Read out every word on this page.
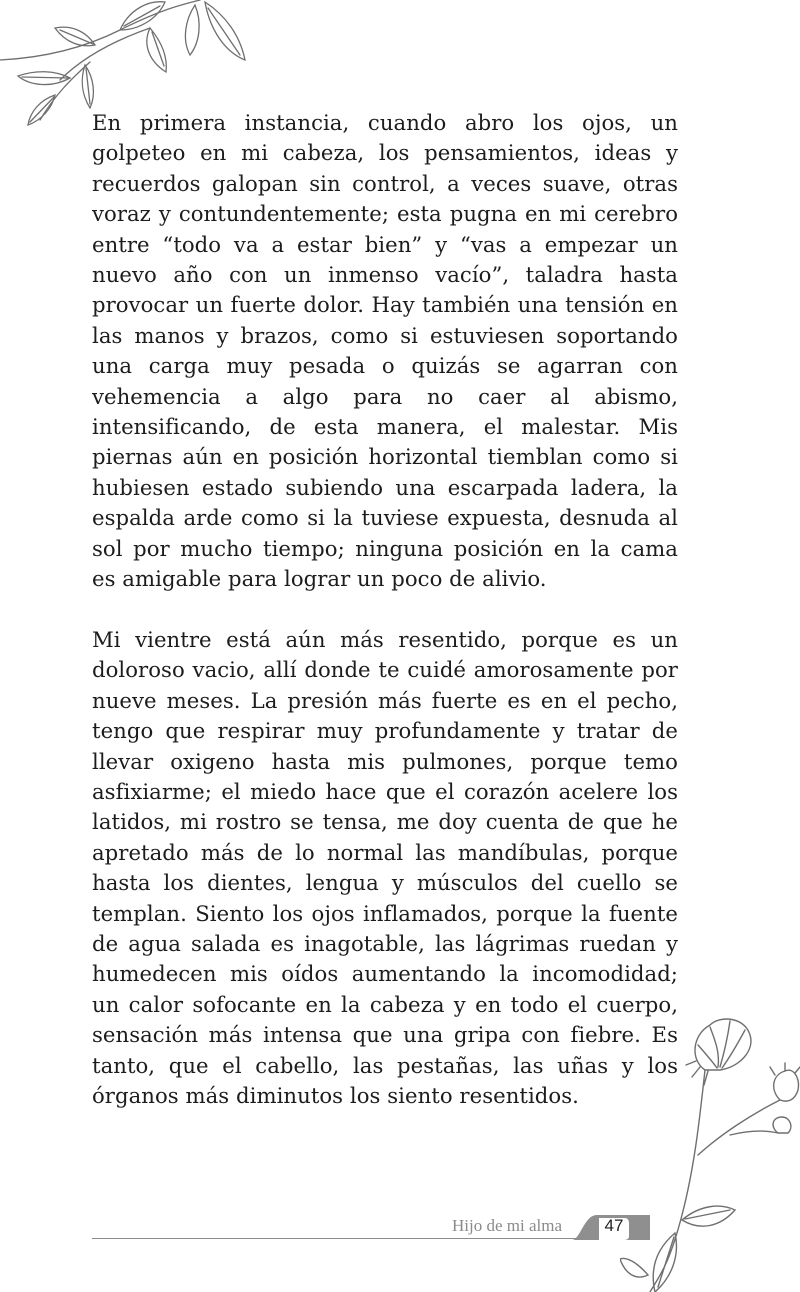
En primera instancia, cuando abro los ojos, un golpeteo en mi cabeza, los pensamientos, ideas y recuerdos galopan sin control, a veces suave, otras voraz y contundentemente; esta pugna en mi cerebro entre “todo va a estar bien” y “vas a empezar un nuevo año con un inmenso vacío”, taladra hasta provocar un fuerte dolor. Hay también una tensión en las manos y brazos, como si estuviesen soportando una carga muy pesada o quizás se agarran con vehemencia a algo para no caer al abismo, intensificando, de esta manera, el malestar. Mis piernas aún en posición horizontal tiemblan como si hubiesen estado subiendo una escarpada ladera, la espalda arde como si la tuviese expuesta, desnuda al sol por mucho tiempo; ninguna posición en la cama es amigable para lograr un poco de alivio.

Mi vientre está aún más resentido, porque es un doloroso vacio, allí donde te cuidé amorosamente por nueve meses. La presión más fuerte es en el pecho, tengo que respirar muy profundamente y tratar de llevar oxigeno hasta mis pulmones, porque temo asfixiarme; el miedo hace que el corazón acelere los latidos, mi rostro se tensa, me doy cuenta de que he apretado más de lo normal las mandíbulas, porque hasta los dientes, lengua y músculos del cuello se templan. Siento los ojos inflamados, porque la fuente de agua salada es inagotable, las lágrimas ruedan y humedecen mis oídos aumentando la incomodidad; un calor sofocante en la cabeza y en todo el cuerpo, sensación más intensa que una gripa con fiebre. Es tanto, que el cabello, las pestañas, las uñas y los órganos más diminutos los siento resentidos.

Hijo de mi alma	47
